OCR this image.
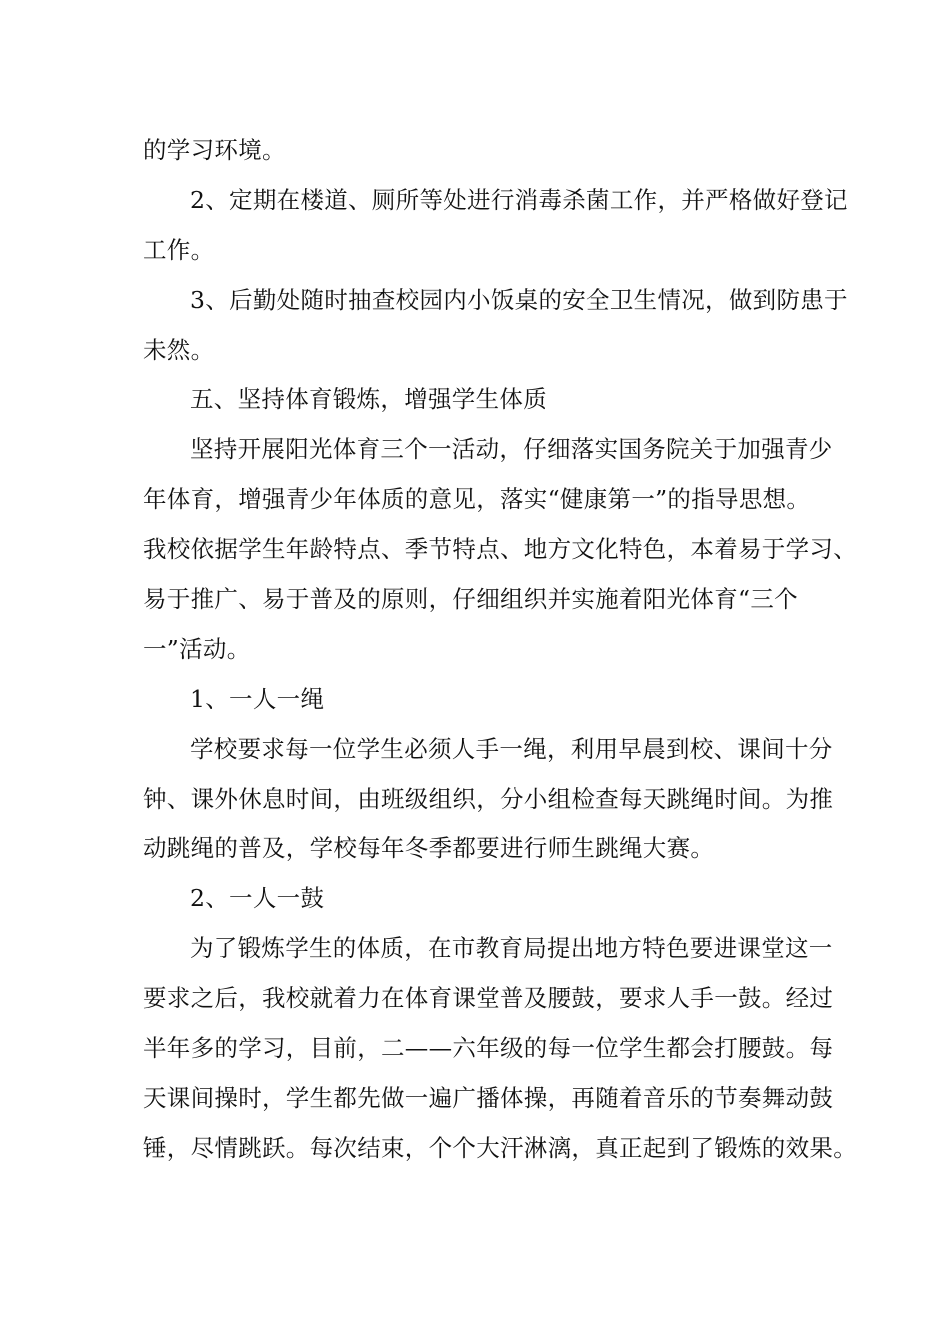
的学习环境。
2、定期在楼道、厕所等处进行消毒杀菌工作，并严格做好登记
工作。
3、后勤处随时抽查校园内小饭桌的安全卫生情况，做到防患于
未然。
五、坚持体育锻炼，增强学生体质
坚持开展阳光体育三个一活动，仔细落实国务院关于加强青少
年体育，增强青少年体质的意见，落实“健康第一”的指导思想。
我校依据学生年龄特点、季节特点、地方文化特色，本着易于学习、
易于推广、易于普及的原则，仔细组织并实施着阳光体育“三个
一”活动。
1、一人一绳
学校要求每一位学生必须人手一绳，利用早晨到校、课间十分
钟、课外休息时间，由班级组织，分小组检查每天跳绳时间。为推
动跳绳的普及，学校每年冬季都要进行师生跳绳大赛。
2、一人一鼓
为了锻炼学生的体质，在市教育局提出地方特色要进课堂这一
要求之后，我校就着力在体育课堂普及腰鼓，要求人手一鼓。经过
半年多的学习，目前，二——六年级的每一位学生都会打腰鼓。每
天课间操时，学生都先做一遍广播体操，再随着音乐的节奏舞动鼓
锤，尽情跳跃。每次结束，个个大汗淋漓，真正起到了锻炼的效果。
